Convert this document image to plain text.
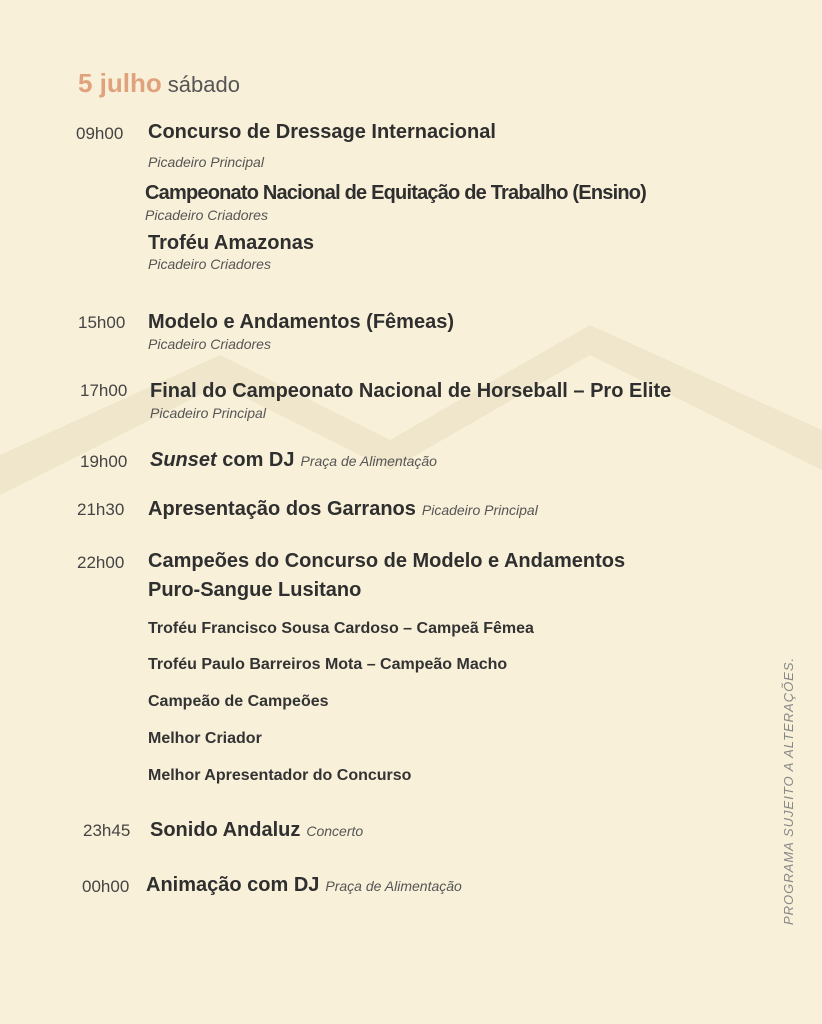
5 julho sábado
09h00 Concurso de Dressage Internacional
Picadeiro Principal
Campeonato Nacional de Equitação de Trabalho (Ensino)
Picadeiro Criadores
Troféu Amazonas
Picadeiro Criadores
15h00 Modelo e Andamentos (Fêmeas)
Picadeiro Criadores
17h00 Final do Campeonato Nacional de Horseball – Pro Elite
Picadeiro Principal
19h00 Sunset com DJ Praça de Alimentação
21h30 Apresentação dos Garranos Picadeiro Principal
22h00 Campeões do Concurso de Modelo e Andamentos
Puro-Sangue Lusitano
Troféu Francisco Sousa Cardoso – Campeã Fêmea
Troféu Paulo Barreiros Mota – Campeão Macho
Campeão de Campeões
Melhor Criador
Melhor Apresentador do Concurso
23h45 Sonido Andaluz Concerto
00h00 Animação com DJ Praça de Alimentação	PROGRAMA SUJEITO A ALTERAÇÕES.
